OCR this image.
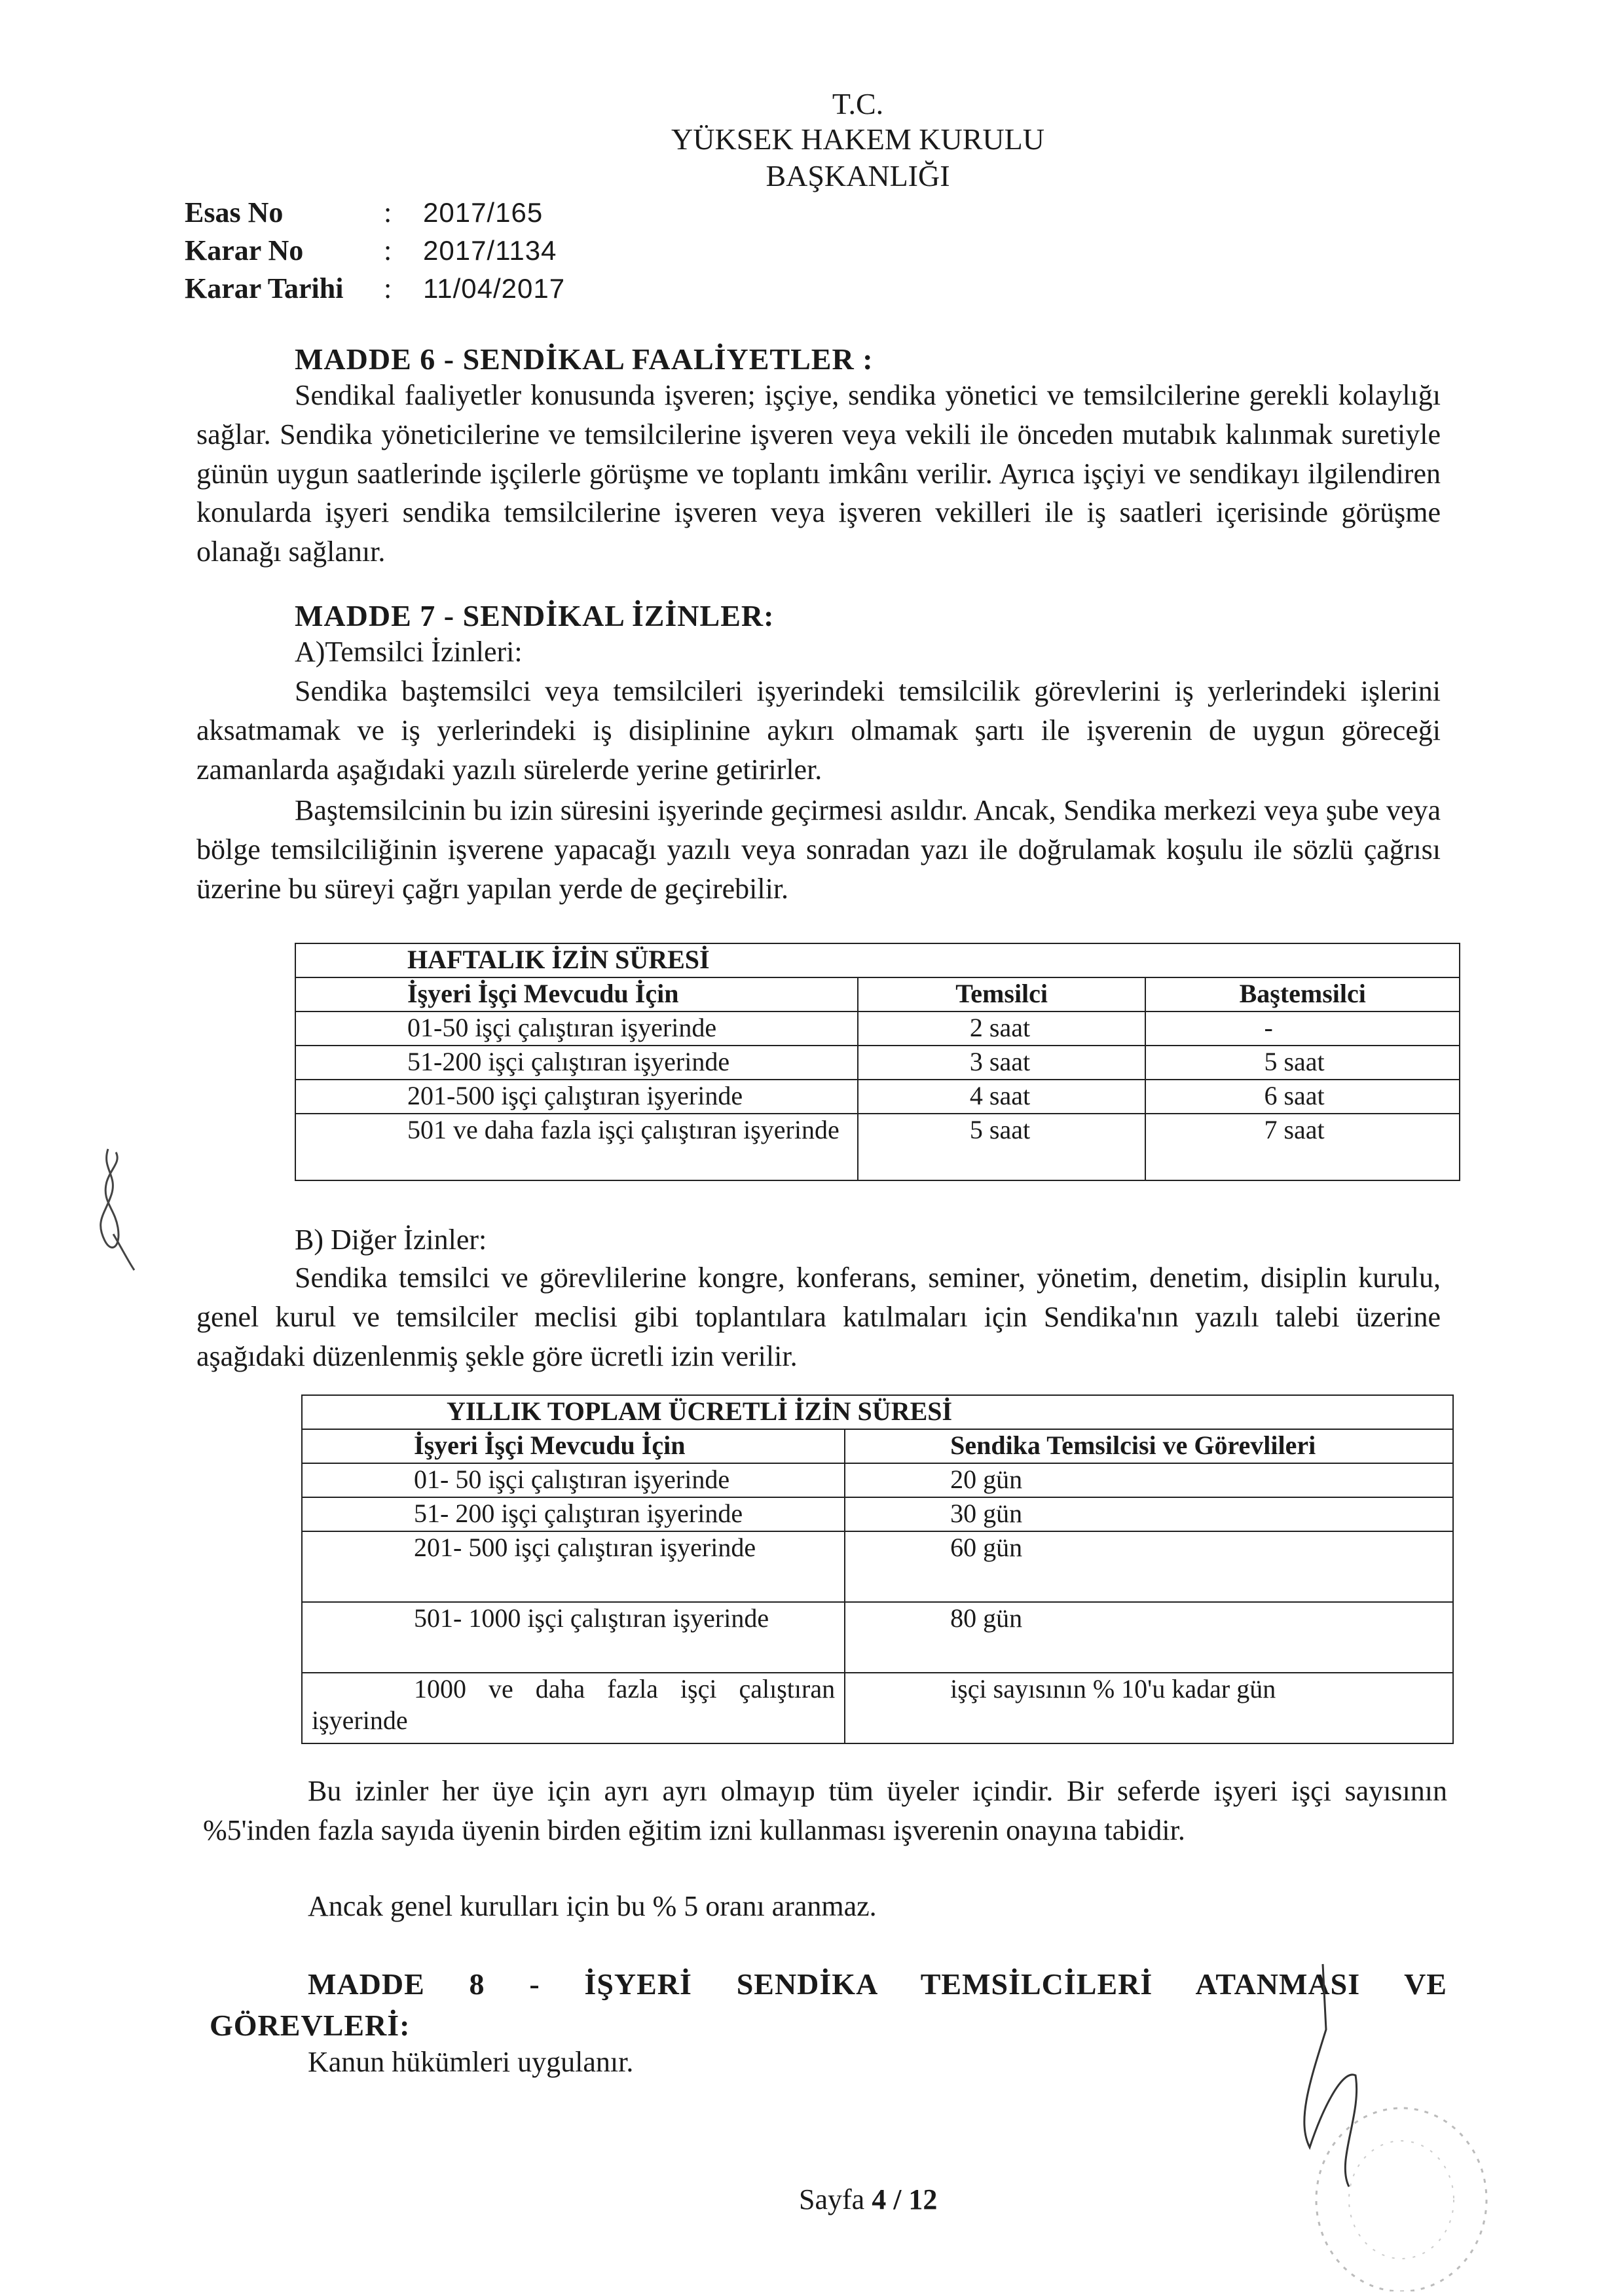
T.C.
YÜKSEK HAKEM KURULU
BAŞKANLIĞI
Esas No	:	2017/165
Karar No	:	2017/1134
Karar Tarihi	:	11/04/2017
MADDE 6 - SENDİKAL FAALİYETLER :
Sendikal faaliyetler konusunda işveren; işçiye, sendika yönetici ve temsilcilerine gerekli kolaylığı sağlar. Sendika yöneticilerine ve temsilcilerine işveren veya vekili ile önceden mutabık kalınmak suretiyle günün uygun saatlerinde işçilerle görüşme ve toplantı imkânı verilir. Ayrıca işçiyi ve sendikayı ilgilendiren konularda işyeri sendika temsilcilerine işveren veya işveren vekilleri ile iş saatleri içerisinde görüşme olanağı sağlanır.
MADDE 7 - SENDİKAL İZİNLER:
A)Temsilci İzinleri:
Sendika baştemsilci veya temsilcileri işyerindeki temsilcilik görevlerini iş yerlerindeki işlerini aksatmamak ve iş yerlerindeki iş disiplinine aykırı olmamak şartı ile işverenin de uygun göreceği zamanlarda aşağıdaki yazılı sürelerde yerine getirirler.
Baştemsilcinin bu izin süresini işyerinde geçirmesi asıldır. Ancak, Sendika merkezi veya şube veya bölge temsilciliğinin işverene yapacağı yazılı veya sonradan yazı ile doğrulamak koşulu ile sözlü çağrısı üzerine bu süreyi çağrı yapılan yerde de geçirebilir.
HAFTALIK İZİN SÜRESİ		
İşyeri İşçi Mevcudu İçin	Temsilci	Baştemsilci
01-50 işçi çalıştıran işyerinde	2 saat	-
51-200 işçi çalıştıran işyerinde	3 saat	5 saat
201-500 işçi çalıştıran işyerinde	4 saat	6 saat
501 ve daha fazla işçi çalıştıran işyerinde	5 saat	7 saat
B) Diğer İzinler:
Sendika temsilci ve görevlilerine kongre, konferans, seminer, yönetim, denetim, disiplin kurulu, genel kurul ve temsilciler meclisi gibi toplantılara katılmaları için Sendika'nın yazılı talebi üzerine aşağıdaki düzenlenmiş şekle göre ücretli izin verilir.
YILLIK TOPLAM ÜCRETLİ İZİN SÜRESİ	
İşyeri İşçi Mevcudu İçin	Sendika Temsilcisi ve Görevlileri
01- 50 işçi çalıştıran işyerinde	20 gün
51- 200 işçi çalıştıran işyerinde	30 gün
201- 500 işçi çalıştıran işyerinde	60 gün
501- 1000 işçi çalıştıran işyerinde	80 gün
1000 ve daha fazla işçi çalıştıran işyerinde	işçi sayısının % 10'u kadar gün
Bu izinler her üye için ayrı ayrı olmayıp tüm üyeler içindir. Bir seferde işyeri işçi sayısının %5'inden fazla sayıda üyenin birden eğitim izni kullanması işverenin onayına tabidir.
Ancak genel kurulları için bu % 5 oranı aranmaz.
MADDE 8 - İŞYERİ SENDİKA TEMSİLCİLERİ ATANMASI VE GÖREVLERİ:
Kanun hükümleri uygulanır.
Sayfa 4 / 12
